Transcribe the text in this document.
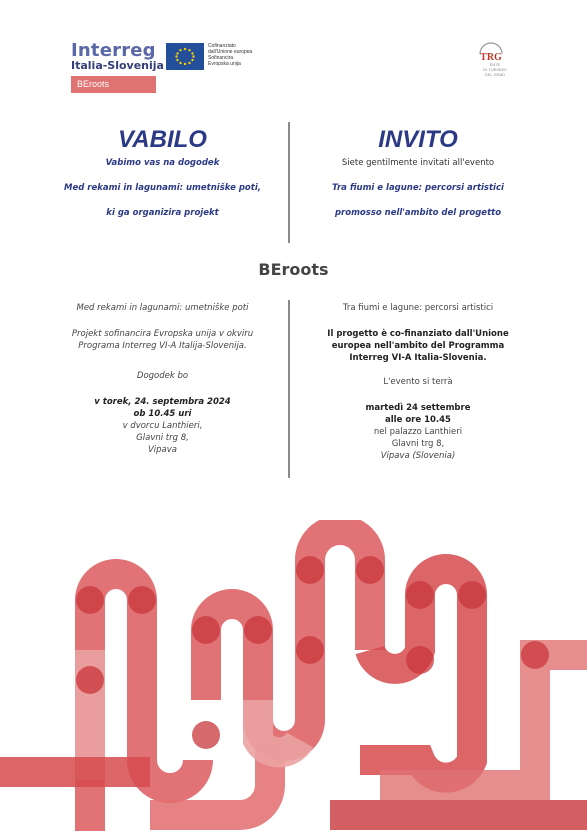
Interreg
Italia-Slovenija
Cofinanziato
dall'Unione europea
Sofinancira
Evropska unija
BEroots
TRG
ENTE
DI TURISMO
DEL GRAD
VABILO
Vabimo vas na dogodek
Med rekami in lagunami: umetniške poti,
ki ga organizira projekt
INVITO
Siete gentilmente invitati all'evento
Tra fiumi e lagune: percorsi artistici
promosso nell'ambito del progetto
BEroots
Med rekami in lagunami: umetniške poti
Projekt sofinancira Evropska unija v okviru
Programa Interreg VI-A Italija-Slovenija.
Dogodek bo
v torek, 24. septembra 2024
ob 10.45 uri
v dvorcu Lanthieri,
Glavni trg 8,
Vipava
Tra fiumi e lagune: percorsi artistici
Il progetto è co-finanziato dall'Unione
europea nell'ambito del Programma
Interreg VI-A Italia-Slovenia.
L'evento si terrà
martedì 24 settembre
alle ore 10.45
nel palazzo Lanthieri
Glavni trg 8,
Vipava (Slovenia)
